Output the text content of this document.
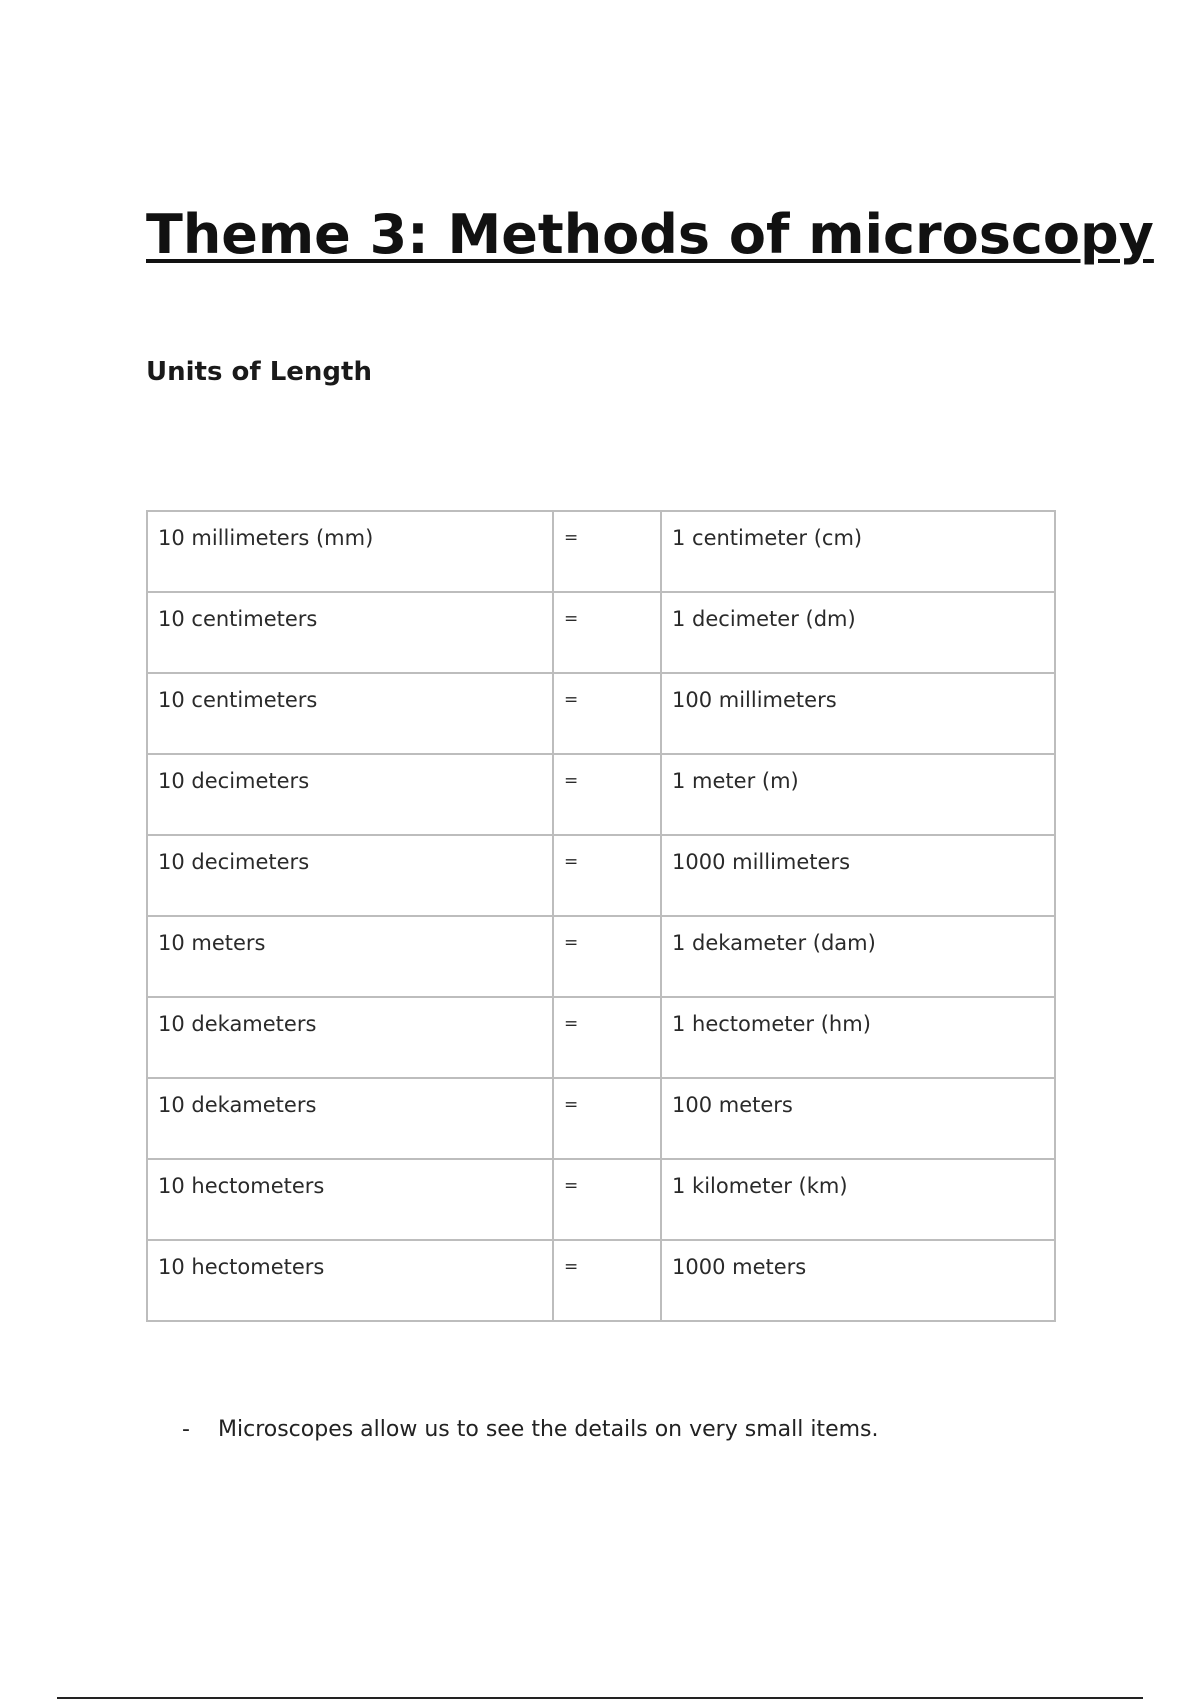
Theme 3: Methods of microscopy
Units of Length
10 millimeters (mm)	=	1 centimeter (cm)
10 centimeters	=	1 decimeter (dm)
10 centimeters	=	100 millimeters
10 decimeters	=	1 meter (m)
10 decimeters	=	1000 millimeters
10 meters	=	1 dekameter (dam)
10 dekameters	=	1 hectometer (hm)
10 dekameters	=	100 meters
10 hectometers	=	1 kilometer (km)
10 hectometers	=	1000 meters
- Microscopes allow us to see the details on very small items.
